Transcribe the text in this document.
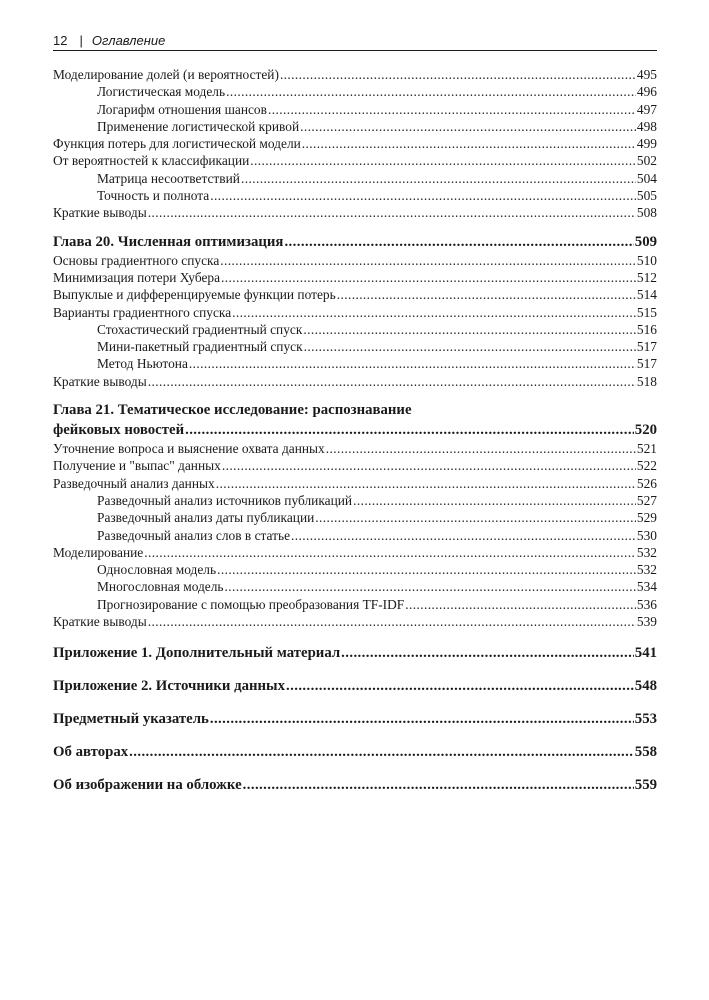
12 | Оглавление
Моделирование долей (и вероятностей) .....	495
Логистическая модель .....	496
Логарифм отношения шансов .....	497
Применение логистической кривой .....	498
Функция потерь для логистической модели .....	499
От вероятностей к классификации .....	502
Матрица несоответствий .....	504
Точность и полнота .....	505
Краткие выводы .....	508
Глава 20. Численная оптимизация .....	509
Основы градиентного спуска .....	510
Минимизация потери Хубера .....	512
Выпуклые и дифференцируемые функции потерь .....	514
Варианты градиентного спуска .....	515
Стохастический градиентный спуск .....	516
Мини-пакетный градиентный спуск .....	517
Метод Ньютона .....	517
Краткие выводы .....	518
Глава 21. Тематическое исследование: распознавание
фейковых новостей .....	520
Уточнение вопроса и выяснение охвата данных .....	521
Получение и "выпас" данных .....	522
Разведочный анализ данных .....	526
Разведочный анализ источников публикаций .....	527
Разведочный анализ даты публикации .....	529
Разведочный анализ слов в статье .....	530
Моделирование .....	532
Однословная модель .....	532
Многословная модель .....	534
Прогнозирование с помощью преобразования TF-IDF .....	536
Краткие выводы .....	539
Приложение 1. Дополнительный материал .....	541
Приложение 2. Источники данных .....	548
Предметный указатель .....	553
Об авторах .....	558
Об изображении на обложке .....	559
